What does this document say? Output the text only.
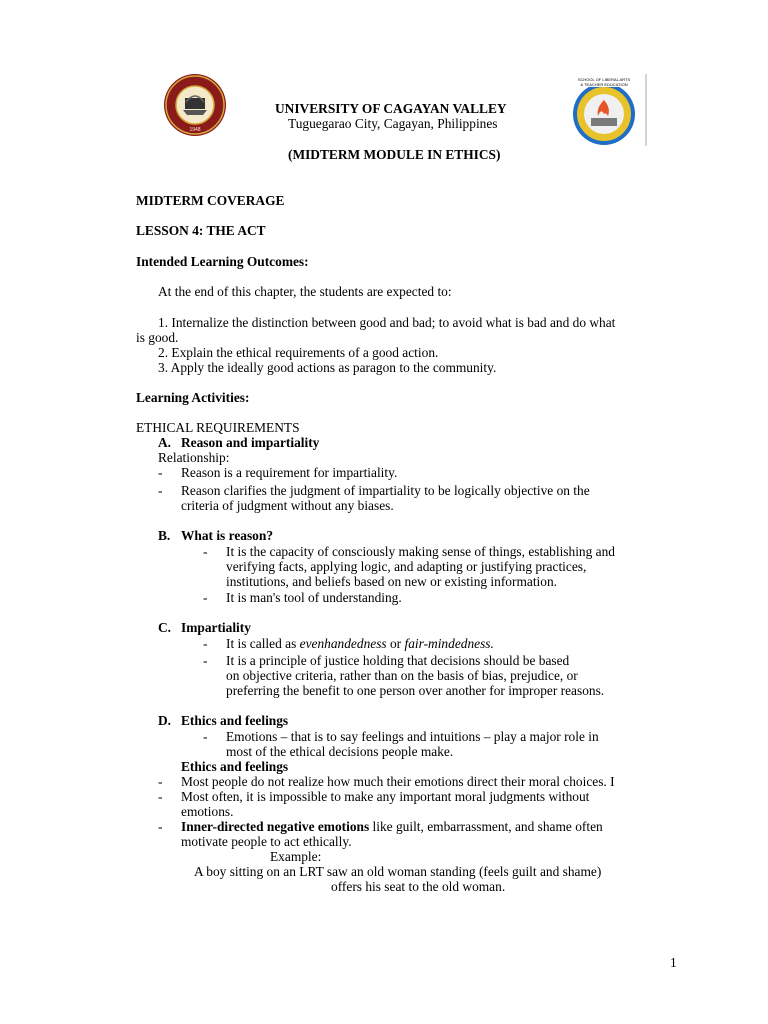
1948
SCHOOL OF LIBERAL ARTS
& TEACHER EDUCATION
UNIVERSITY OF CAGAYAN VALLEY
Tuguegarao City, Cagayan, Philippines
(MIDTERM MODULE IN ETHICS)
MIDTERM COVERAGE
LESSON 4: THE ACT
Intended Learning Outcomes:
At the end of this chapter, the students are expected to:
1. Internalize the distinction between good and bad; to avoid what is bad and do what
is good.
2. Explain the ethical requirements of a good action.
3. Apply the ideally good actions as paragon to the community.
Learning Activities:
ETHICAL REQUIREMENTS
A. Reason and impartiality
Relationship:
- Reason is a requirement for impartiality.
- Reason clarifies the judgment of impartiality to be logically objective on the
criteria of judgment without any biases.
B. What is reason?
- It is the capacity of consciously making sense of things, establishing and
verifying facts, applying logic, and adapting or justifying practices,
institutions, and beliefs based on new or existing information.
- It is man's tool of understanding.
C. Impartiality
- It is called as evenhandedness or fair-mindedness.
- It is a principle of justice holding that decisions should be based
on objective criteria, rather than on the basis of bias, prejudice, or
preferring the benefit to one person over another for improper reasons.
D. Ethics and feelings
- Emotions – that is to say feelings and intuitions – play a major role in
most of the ethical decisions people make.
Ethics and feelings
- Most people do not realize how much their emotions direct their moral choices. I
- Most often, it is impossible to make any important moral judgments without
emotions.
- Inner-directed negative emotions like guilt, embarrassment, and shame often
motivate people to act ethically.
Example:
A boy sitting on an LRT saw an old woman standing (feels guilt and shame)
offers his seat to the old woman.
1
